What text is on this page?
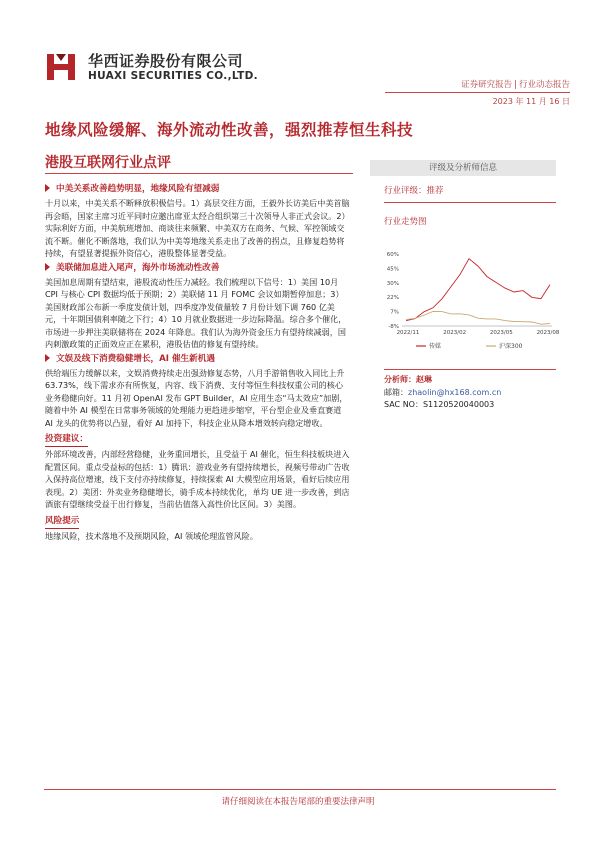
华西证券股份有限公司
HUAXI SECURITIES CO.,LTD.
证券研究报告 | 行业动态报告
2023 年 11 月 16 日
地缘风险缓解、海外流动性改善，强烈推荐恒生科技
港股互联网行业点评
中美关系改善趋势明显，地缘风险有望减弱
十月以来，中美关系不断释放积极信号。1）高层交往方面，王毅外长访美后中美首脑再会晤，国家主席习近平同时应邀出席亚太经合组织第三十次领导人非正式会议。2）实际利好方面，中美航班增加、商谈往来频繁、中美双方在商务、气候、军控领域交流不断。催化不断落地，我们认为中美等地缘关系走出了改善的拐点，且修复趋势将持续，有望显著提振外资信心，港股整体显著受益。
美联储加息进入尾声，海外市场流动性改善
美国加息周期有望结束，港股流动性压力减轻。我们梳理以下信号：1）美国 10月 CPI 与核心 CPI 数据均低于预期；2）美联储 11 月 FOMC 会议如期暂停加息；3）美国财政部公布新一季度发债计划，四季度净发债量较 7 月份计划下调 760 亿美元，十年期国债利率随之下行；4）10 月就业数据进一步边际降温。综合多个催化，市场进一步押注美联储将在 2024 年降息。我们认为海外资金压力有望持续减弱，国内刺激政策的正面效应正在累积，港股估值的修复有望持续。
文娱及线下消费稳健增长，AI 催生新机遇
供给端压力缓解以来，文娱消费持续走出强劲修复态势，八月手游销售收入同比上升 63.73%，线下需求亦有所恢复，内容、线下消费、支付等恒生科技权重公司的核心业务稳健向好。11 月初 OpenAI 发布 GPT Builder，AI 应用生态“马太效应”加剧，随着中外 AI 模型在日常事务领域的处理能力更趋进步缩窄，平台型企业及垂直赛道 AI 龙头的优势将以凸显，看好 AI 加持下，科技企业从降本增效转向稳定增收。
投资建议：
外部环境改善，内部经营稳健，业务重回增长，且受益于 AI 催化，恒生科技板块进入配置区间。重点受益标的包括：1）腾讯：游戏业务有望持续增长，视频号带动广告收入保持高位增速，线下支付亦持续修复，持续探索 AI 大模型应用场景，看好后续应用表现。2）美团：外卖业务稳健增长，骑手成本持续优化，单均 UE 进一步改善，到店酒旅有望继续受益于出行修复，当前估值落入高性价比区间。3）美图。
风险提示
地缘风险，技术落地不及预期风险，AI 领域伦理监管风险。
评级及分析师信息
行业评级：推荐
行业走势图
60%
45%
30%
22%
7%
-8%
2022/11	2023/02	2023/05	2023/08
传媒	沪深300
分析师：赵琳
邮箱：zhaolin@hx168.com.cn
SAC NO：S1120520040003
请仔细阅读在本报告尾部的重要法律声明
